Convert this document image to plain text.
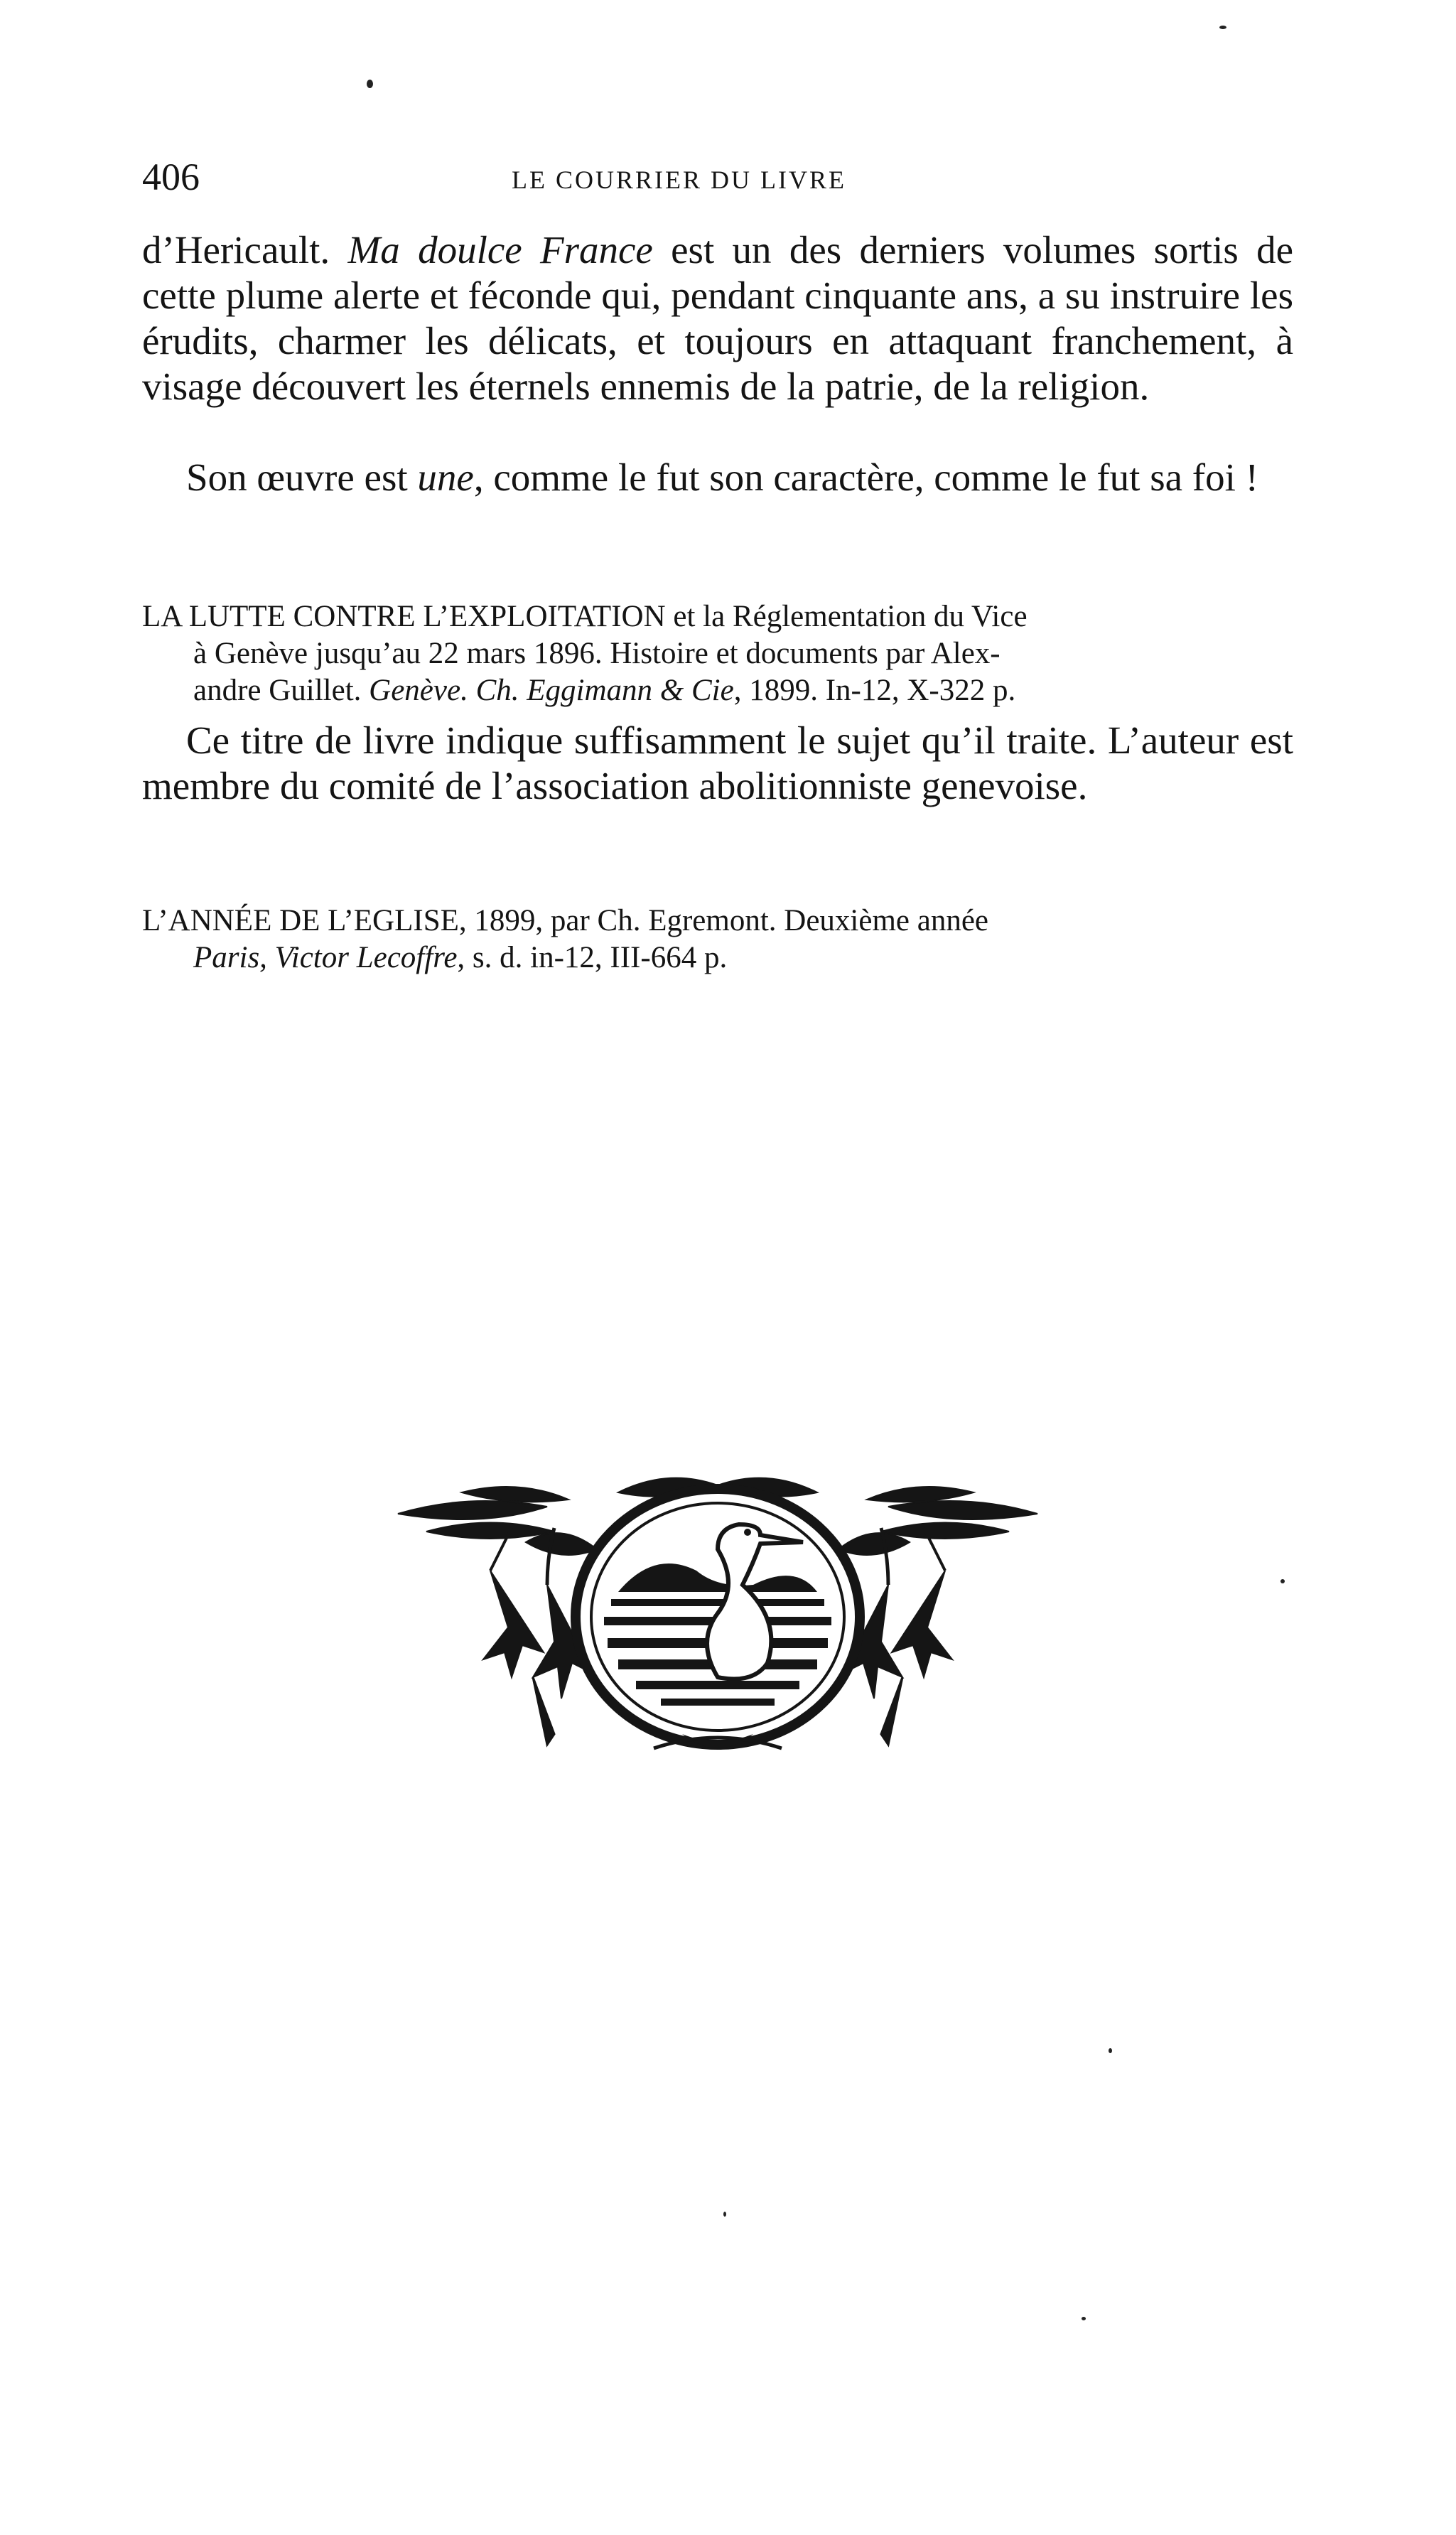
406	LE COURRIER DU LIVRE
d’Hericault. Ma doulce France est un des derniers volumes sortis de cette plume alerte et féconde qui, pendant cinquante ans, a su instruire les érudits, charmer les délicats, et toujours en attaquant franchement, à visage découvert les éternels ennemis de la patrie, de la religion.
Son œuvre est une, comme le fut son caractère, comme le fut sa foi !
LA LUTTE CONTRE L’EXPLOITATION et la Réglementation du Vice
à Genève jusqu’au 22 mars 1896. Histoire et documents par Alex-
andre Guillet. Genève. Ch. Eggimann & Cie, 1899. In-12, X-322 p.
Ce titre de livre indique suffisamment le sujet qu’il traite. L’auteur est membre du comité de l’association abolitionniste genevoise.
L’ANNÉE DE L’EGLISE, 1899, par Ch. Egremont. Deuxième année
Paris, Victor Lecoffre, s. d. in-12, III-664 p.
